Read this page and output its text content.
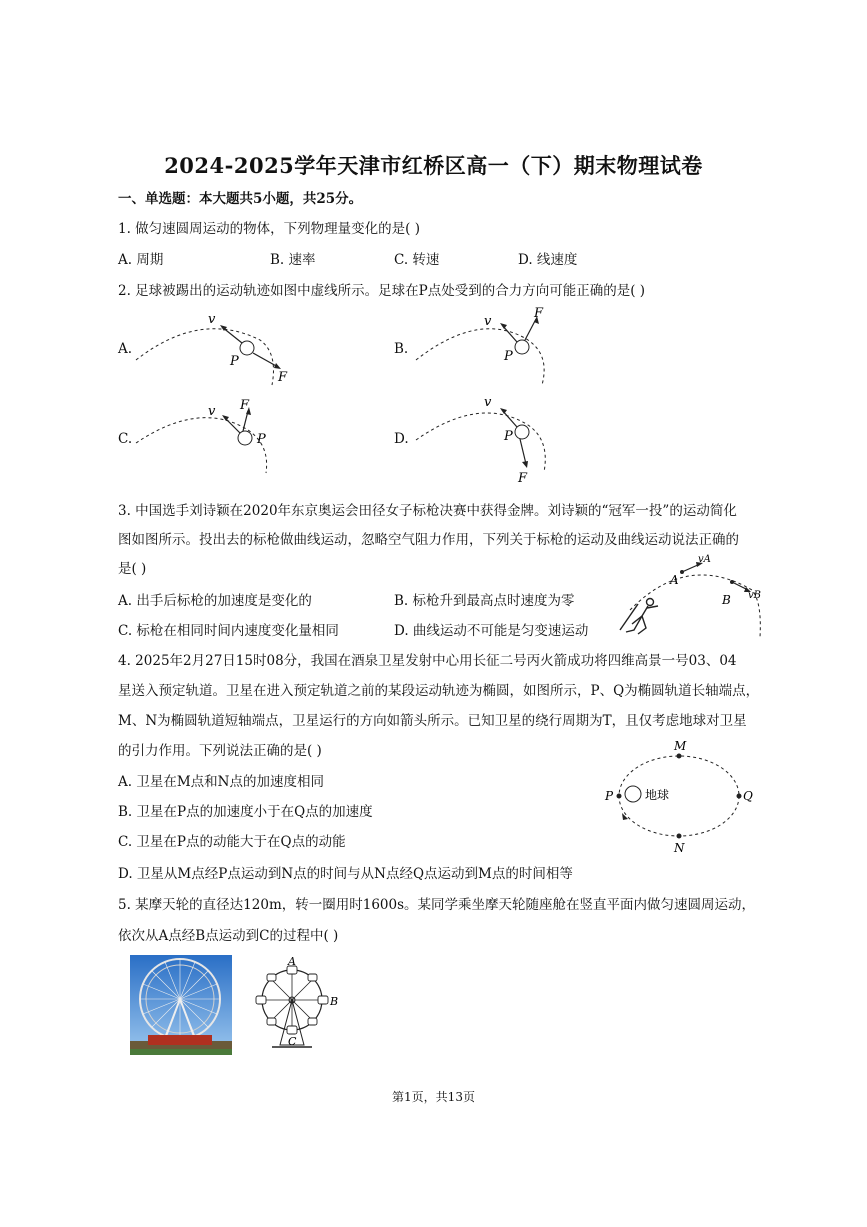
2024-2025学年天津市红桥区高一（下）期末物理试卷
一、单选题：本大题共5小题，共25分。
1. 做匀速圆周运动的物体，下列物理量变化的是( )
A. 周期	B. 速率	C. 转速	D. 线速度
2. 足球被踢出的运动轨迹如图中虚线所示。足球在P点处受到的合力方向可能正确的是( )
A.
v
P
F
B.
v
F
P
C.
v F
P	D.
v
P
F
3. 中国选手刘诗颖在2020年东京奥运会田径女子标枪决赛中获得金牌。刘诗颖的“冠军一投”的运动简化
图如图所示。投出去的标枪做曲线运动，忽略空气阻力作用，下列关于标枪的运动及曲线运动说法正确的
是( )
A. 出手后标枪的加速度是变化的	B. 标枪升到最高点时速度为零
C. 标枪在相同时间内速度变化量相同	D. 曲线运动不可能是匀变速运动
A
B
vA
vB
4. 2025年2月27日15时08分，我国在酒泉卫星发射中心用长征二号丙火箭成功将四维高景一号03、04
星送入预定轨道。卫星在进入预定轨道之前的某段运动轨迹为椭圆，如图所示，P、Q为椭圆轨道长轴端点，
M、N为椭圆轨道短轴端点，卫星运行的方向如箭头所示。已知卫星的绕行周期为T，且仅考虑地球对卫星
的引力作用。下列说法正确的是( )
A. 卫星在M点和N点的加速度相同
B. 卫星在P点的加速度小于在Q点的加速度
C. 卫星在P点的动能大于在Q点的动能
D. 卫星从M点经P点运动到N点的时间与从N点经Q点运动到M点的时间相等
M
N
P	Q
地球
5. 某摩天轮的直径达120m，转一圈用时1600s。某同学乘坐摩天轮随座舱在竖直平面内做匀速圆周运动，
依次从A点经B点运动到C的过程中( )
A
B
C
第1页，共13页
